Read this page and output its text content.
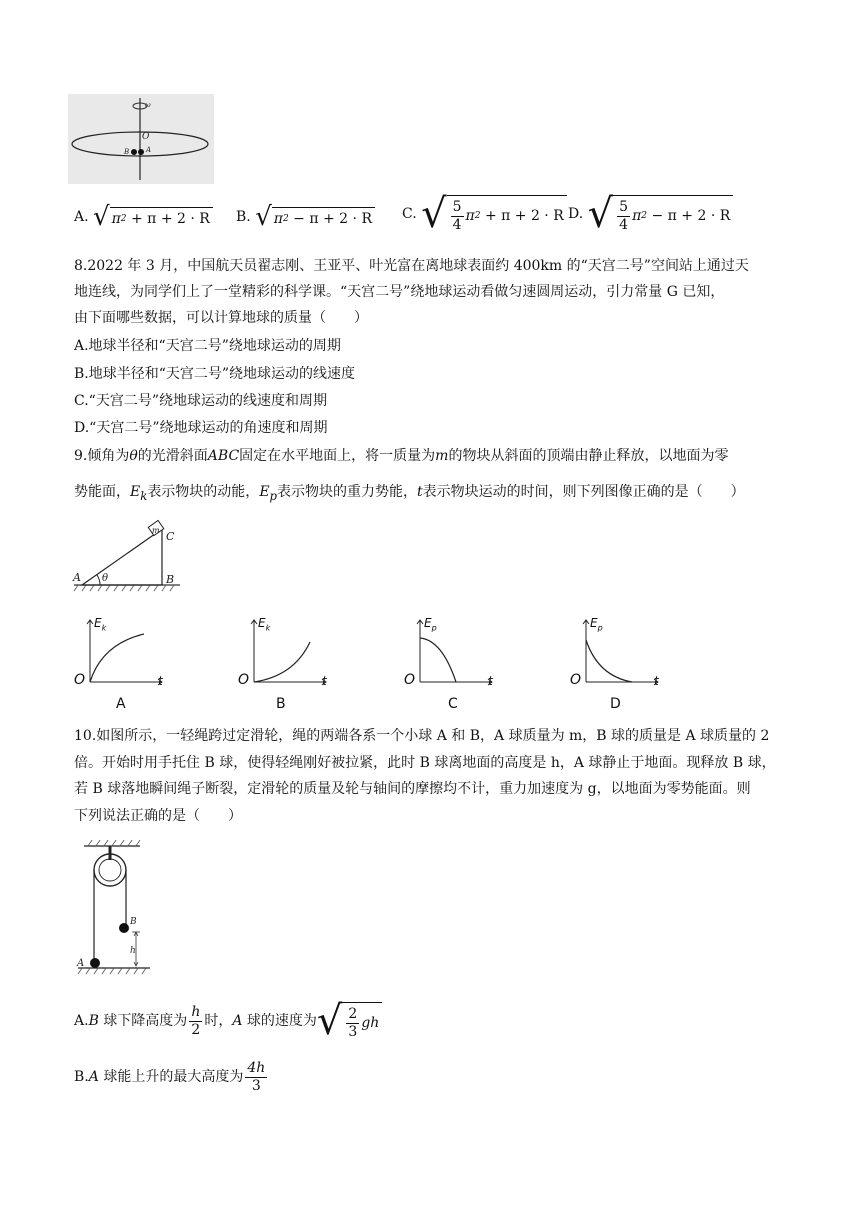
ω
O
B A
A. √ π 2
+ π + 2 · R B. √ π 2
− π + 2 · R C. √ $\frac{5}{4}$ π 2
+ π + 2 · R D. √ $\frac{5}{4}$ π 2
− π + 2 · R
8.2022 年 3 月，中国航天员翟志刚、王亚平、叶光富在离地球表面约 400km 的“天宫二号”空间站上通过天
地连线，为同学们上了一堂精彩的科学课。“天宫二号”绕地球运动看做匀速圆周运动，引力常量 G 已知，
由下面哪些数据，可以计算地球的质量（　　）
A.地球半径和“天宫二号”绕地球运动的周期
B.地球半径和“天宫二号”绕地球运动的线速度
C.“天宫二号”绕地球运动的线速度和周期
D.“天宫二号”绕地球运动的角速度和周期
9.倾角为θ的光滑斜面ABC固定在水平地面上，将一质量为m的物块从斜面的顶端由静止释放，以地面为零
势能面，$E_k$表示物块的动能，$E_p$表示物块的重力势能，t表示物块运动的时间，则下列图像正确的是（　　）
A	B
C
m
θ
$E_k$
O	t
A
$E_k$
O	t
B
$E_p$
O	t
C
$E_p$
O	t
D
10.如图所示，一轻绳跨过定滑轮，绳的两端各系一个小球 A 和 B，A 球质量为 m，B 球的质量是 A 球质量的 2
倍。开始时用手托住 B 球，使得轻绳刚好被拉紧，此时 B 球离地面的高度是 h，A 球静止于地面。现释放 B 球，
若 B 球落地瞬间绳子断裂，定滑轮的质量及轮与轴间的摩擦均不计，重力加速度为 g，以地面为零势能面。则
下列说法正确的是（　　）
A
B
h
A.B 球下降高度为 $\frac{h}{2}$ 时，A 球的速度为 √ $\frac{2}{3}$ gh
B.A 球能上升的最大高度为 $\frac{4h}{3}$
